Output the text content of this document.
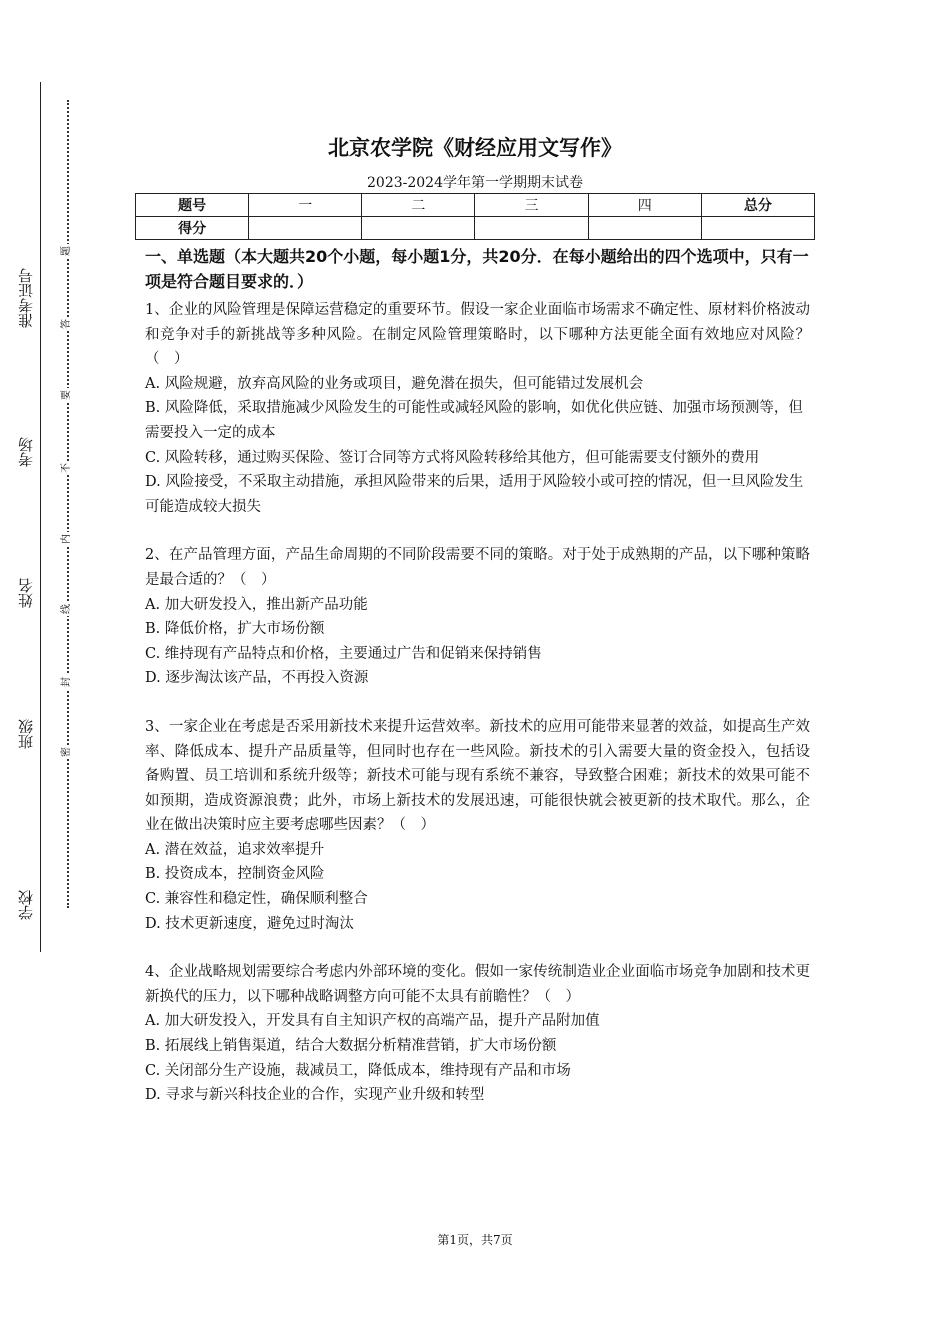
学校
班级
姓名
考场
准考证号
密
封
线
内
不
要
答
题
北京农学院《财经应用文写作》
2023-2024学年第一学期期末试卷
题号	一	二	三	四	总分
得分					
一、单选题（本大题共20个小题，每小题1分，共20分．在每小题给出的四个选项中，只有一项是符合题目要求的．）

1、企业的风险管理是保障运营稳定的重要环节。假设一家企业面临市场需求不确定性、原材料价格波动和竞争对手的新挑战等多种风险。在制定风险管理策略时，以下哪种方法更能全面有效地应对风险？（　）

A. 风险规避，放弃高风险的业务或项目，避免潜在损失，但可能错过发展机会
B. 风险降低，采取措施减少风险发生的可能性或减轻风险的影响，如优化供应链、加强市场预测等，但需要投入一定的成本
C. 风险转移，通过购买保险、签订合同等方式将风险转移给其他方，但可能需要支付额外的费用
D. 风险接受，不采取主动措施，承担风险带来的后果，适用于风险较小或可控的情况，但一旦风险发生可能造成较大损失

2、在产品管理方面，产品生命周期的不同阶段需要不同的策略。对于处于成熟期的产品，以下哪种策略是最合适的？（　）

A. 加大研发投入，推出新产品功能
B. 降低价格，扩大市场份额
C. 维持现有产品特点和价格，主要通过广告和促销来保持销售
D. 逐步淘汰该产品，不再投入资源

3、一家企业在考虑是否采用新技术来提升运营效率。新技术的应用可能带来显著的效益，如提高生产效率、降低成本、提升产品质量等，但同时也存在一些风险。新技术的引入需要大量的资金投入，包括设备购置、员工培训和系统升级等；新技术可能与现有系统不兼容，导致整合困难；新技术的效果可能不如预期，造成资源浪费；此外，市场上新技术的发展迅速，可能很快就会被更新的技术取代。那么，企业在做出决策时应主要考虑哪些因素？（　）

A. 潜在效益，追求效率提升
B. 投资成本，控制资金风险
C. 兼容性和稳定性，确保顺利整合
D. 技术更新速度，避免过时淘汰

4、企业战略规划需要综合考虑内外部环境的变化。假如一家传统制造业企业面临市场竞争加剧和技术更新换代的压力，以下哪种战略调整方向可能不太具有前瞻性？（　）

A. 加大研发投入，开发具有自主知识产权的高端产品，提升产品附加值
B. 拓展线上销售渠道，结合大数据分析精准营销，扩大市场份额
C. 关闭部分生产设施，裁减员工，降低成本，维持现有产品和市场
D. 寻求与新兴科技企业的合作，实现产业升级和转型
第1页，共7页
